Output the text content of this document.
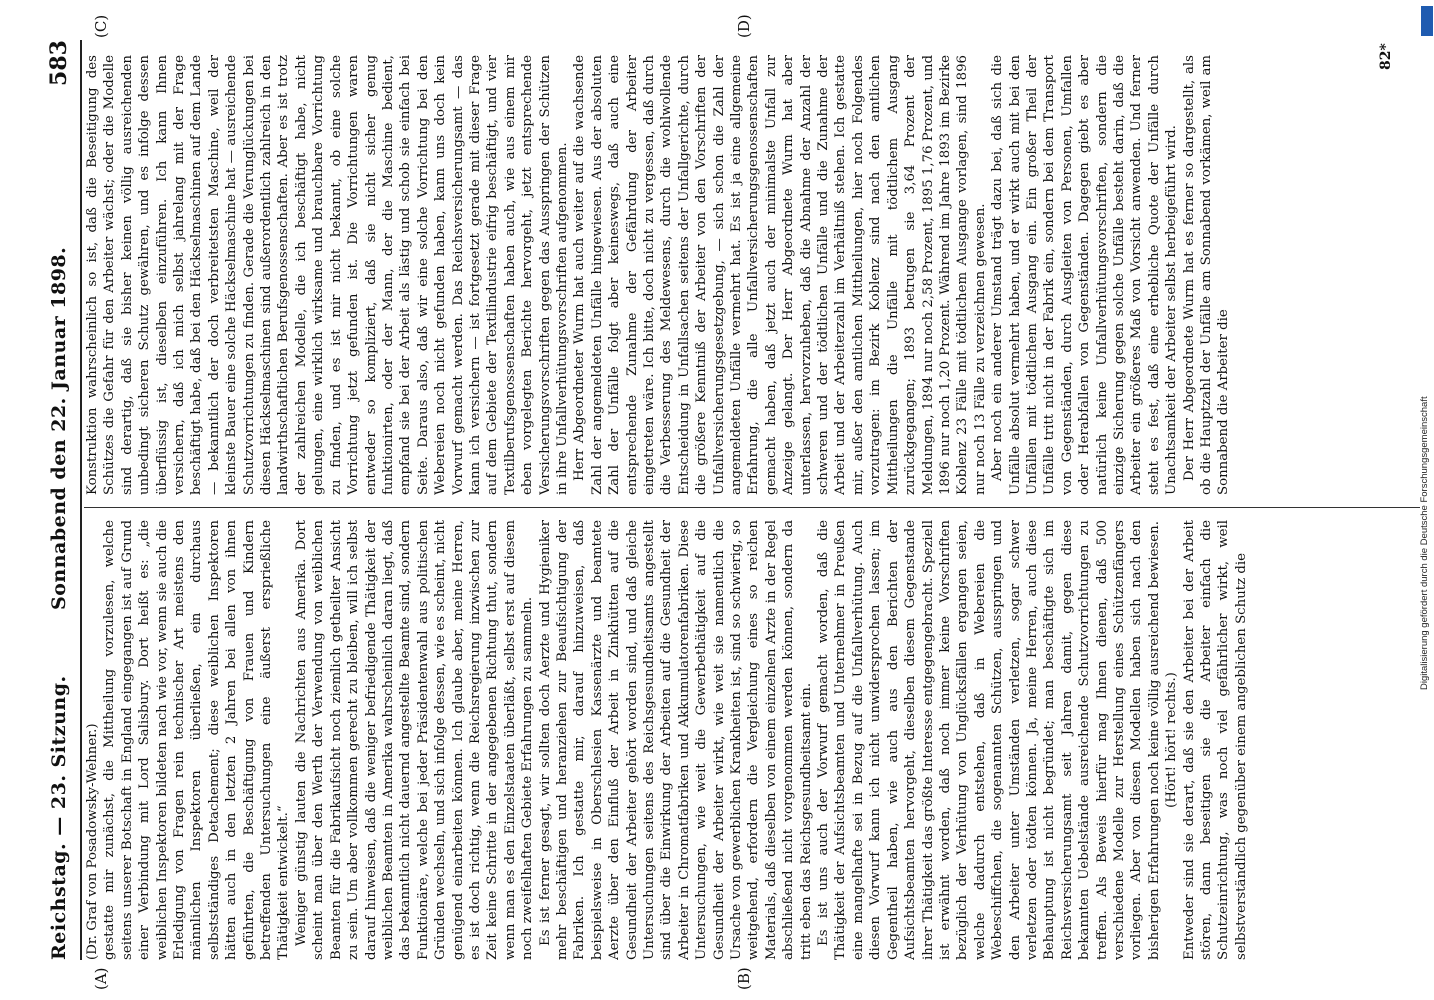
Reichstag. — 23. Sitzung.
Sonnabend den 22. Januar 1898.
583
(A)	(B)
(C)	(D)

(Dr. Graf von Posadowsky-Wehner.) gestatte mir zunächst, die Mittheilung vorzulesen, welche seitens unserer Botschaft in England eingegangen ist auf Grund einer Verbindung mit Lord Salisbury. Dort heißt es: „die weiblichen Inspektoren bildeten nach wie vor, wenn sie auch die Erledigung von Fragen rein technischer Art meistens den männlichen Inspektoren überließen, ein durchaus selbstständiges Detachement; diese weiblichen Inspektoren hätten auch in den letzten 2 Jahren bei allen von ihnen geführten, die Beschäftigung von Frauen und Kindern betreffenden Untersuchungen eine äußerst ersprießliche Thätigkeit entwickelt.“ Weniger günstig lauten die Nachrichten aus Amerika. Dort scheint man über den Werth der Verwendung von weiblichen Beamten für die Fabrikaufsicht noch ziemlich getheilter Ansicht zu sein. Um aber vollkommen gerecht zu bleiben, will ich selbst darauf hinweisen, daß die weniger befriedigende Thätigkeit der weiblichen Beamten in Amerika wahrscheinlich daran liegt, daß das bekanntlich nicht dauernd angestellte Beamte sind, sondern Funktionäre, welche bei jeder Präsidentenwahl aus politischen Gründen wechseln, und sich infolge dessen, wie es scheint, nicht genügend einarbeiten können. Ich glaube aber, meine Herren, es ist doch richtig, wenn die Reichsregierung inzwischen zur Zeit keine Schritte in der angegebenen Richtung thut, sondern wenn man es den Einzelstaaten überläßt, selbst erst auf diesem noch zweifelhaften Gebiete Erfahrungen zu sammeln. Es ist ferner gesagt, wir sollten doch Aerzte und Hygieniker mehr beschäftigen und heranziehen zur Beaufsichtigung der Fabriken. Ich gestatte mir, darauf hinzuweisen, daß beispielsweise in Oberschlesien Kassenärzte und beamtete Aerzte über den Einfluß der Arbeit in Zinkhütten auf die Gesundheit der Arbeiter gehört worden sind, und daß gleiche Untersuchungen seitens des Reichsgesundheitsamts angestellt sind über die Einwirkung der Arbeiten auf die Gesundheit der Arbeiter in Chromatfabriken und Akkumulatorenfabriken. Diese Untersuchungen, wie weit die Gewerbethätigkeit auf die Gesundheit der Arbeiter wirkt, wie weit sie namentlich die Ursache von gewerblichen Krankheiten ist, sind so schwierig, so weitgehend, erfordern die Vergleichung eines so reichen Materials, daß dieselben von einem einzelnen Arzte in der Regel abschließend nicht vorgenommen werden können, sondern da tritt eben das Reichsgesundheitsamt ein. Es ist uns auch der Vorwurf gemacht worden, daß die Thätigkeit der Aufsichtsbeamten und Unternehmer in Preußen eine mangelhafte sei in Bezug auf die Unfallverhütung. Auch diesen Vorwurf kann ich nicht unwidersprochen lassen; im Gegentheil haben, wie auch aus den Berichten der Aufsichtsbeamten hervorgeht, dieselben diesem Gegenstande ihrer Thätigkeit das größte Interesse entgegengebracht. Speziell ist erwähnt worden, daß noch immer keine Vorschriften bezüglich der Verhütung von Unglücksfällen ergangen seien, welche dadurch entstehen, daß in Webereien die Webeschiffchen, die sogenannten Schützen, ausspringen und den Arbeiter unter Umständen verletzen, sogar schwer verletzen oder tödten können. Ja, meine Herren, auch diese Behauptung ist nicht begründet; man beschäftigte sich im Reichsversicherungsamt seit Jahren damit, gegen diese bekannten Uebelstände ausreichende Schutzvorrichtungen zu treffen. Als Beweis hierfür mag Ihnen dienen, daß 500 verschiedene Modelle zur Herstellung eines Schützenfängers vorliegen. Aber von diesen Modellen haben sich nach den bisherigen Erfahrungen noch keine völlig ausreichend bewiesen. (Hört! hört! rechts.) Entweder sind sie derart, daß sie den Arbeiter bei der Arbeit stören, dann beseitigen sie die Arbeiter einfach die Schutzeinrichtung, was noch viel gefährlicher wirkt, weil selbstverständlich gegenüber einem angeblichen Schutz die

Konstruktion wahrscheinlich so ist, daß die Beseitigung des Schützes die Gefahr für den Arbeiter wächst; oder die Modelle sind derartig, daß sie bisher keinen völlig ausreichenden unbedingt sicheren Schutz gewähren, und es infolge dessen überflüssig ist, dieselben einzuführen. Ich kann Ihnen versichern, daß ich mich selbst jahrelang mit der Frage beschäftigt habe, daß bei den Häckselmaschinen auf dem Lande — bekanntlich der doch verbreitetsten Maschine, weil der kleinste Bauer eine solche Häckselmaschine hat — ausreichende Schutzvorrichtungen zu finden. Gerade die Verunglückungen bei diesen Häckselmaschinen sind außerordentlich zahlreich in den landwirthschaftlichen Berufsgenossenschaften. Aber es ist trotz der zahlreichen Modelle, die ich beschäftigt habe, nicht gelungen, eine wirklich wirksame und brauchbare Vorrichtung zu finden, und es ist mir nicht bekannt, ob eine solche Vorrichtung jetzt gefunden ist. Die Vorrichtungen waren entweder so kompliziert, daß sie nicht sicher genug funktionirten, oder der Mann, der die Maschine bedient, empfand sie bei der Arbeit als lästig und schob sie einfach bei Seite. Daraus also, daß wir eine solche Vorrichtung bei den Webereien noch nicht gefunden haben, kann uns doch kein Vorwurf gemacht werden. Das Reichsversicherungsamt — das kann ich versichern — ist fortgesetzt gerade mit dieser Frage auf dem Gebiete der Textilindustrie eifrig beschäftigt, und vier Textilberufsgenossenschaften haben auch, wie aus einem mir eben vorgelegten Berichte hervorgeht, jetzt entsprechende Versicherungsvorschriften gegen das Ausspringen der Schützen in ihre Unfallverhütungsvorschriften aufgenommen. Herr Abgeordneter Wurm hat auch weiter auf die wachsende Zahl der angemeldeten Unfälle hingewiesen. Aus der absoluten Zahl der Unfälle folgt aber keineswegs, daß auch eine entsprechende Zunahme der Gefährdung der Arbeiter eingetreten wäre. Ich bitte, doch nicht zu vergessen, daß durch die Verbesserung des Meldewesens, durch die wohlwollende Entscheidung in Unfallsachen seitens der Unfallgerichte, durch die größere Kenntniß der Arbeiter von den Vorschriften der Unfallversicherungsgesetzgebung, — sich schon die Zahl der angemeldeten Unfälle vermehrt hat. Es ist ja eine allgemeine Erfahrung, die alle Unfallversicherungsgenossenschaften gemacht haben, daß jetzt auch der minimalste Unfall zur Anzeige gelangt. Der Herr Abgeordnete Wurm hat aber unterlassen, hervorzuheben, daß die Abnahme der Anzahl der schweren und der tödtlichen Unfälle und die Zunahme der Arbeit und der Arbeiterzahl im Verhältniß stehen. Ich gestatte mir, außer den amtlichen Mittheilungen, hier noch Folgendes vorzutragen: im Bezirk Koblenz sind nach den amtlichen Mittheilungen die Unfälle mit tödtlichem Ausgang zurückgegangen; 1893 betrugen sie 3,64 Prozent der Meldungen, 1894 nur noch 2,58 Prozent, 1895 1,76 Prozent, und 1896 nur noch 1,20 Prozent. Während im Jahre 1893 im Bezirke Koblenz 23 Fälle mit tödtlichem Ausgange vorlagen, sind 1896 nur noch 13 Fälle zu verzeichnen gewesen. Aber noch ein anderer Umstand trägt dazu bei, daß sich die Unfälle absolut vermehrt haben, und er wirkt auch mit bei den Unfällen mit tödtlichem Ausgang ein. Ein großer Theil der Unfälle tritt nicht in der Fabrik ein, sondern bei dem Transport von Gegenständen, durch Ausgleiten von Personen, Umfallen oder Herabfallen von Gegenständen. Dagegen giebt es aber natürlich keine Unfallverhütungsvorschriften, sondern die einzige Sicherung gegen solche Unfälle besteht darin, daß die Arbeiter ein größeres Maß von Vorsicht anwenden. Und ferner steht es fest, daß eine erhebliche Quote der Unfälle durch Unachtsamkeit der Arbeiter selbst herbeigeführt wird. Der Herr Abgeordnete Wurm hat es ferner so dargestellt, als ob die Hauptzahl der Unfälle am Sonnabend vorkämen, weil am Sonnabend die Arbeiter die

82*
DFG
Digitalisierung gefördert durch die Deutsche Forschungsgemeinschaft
